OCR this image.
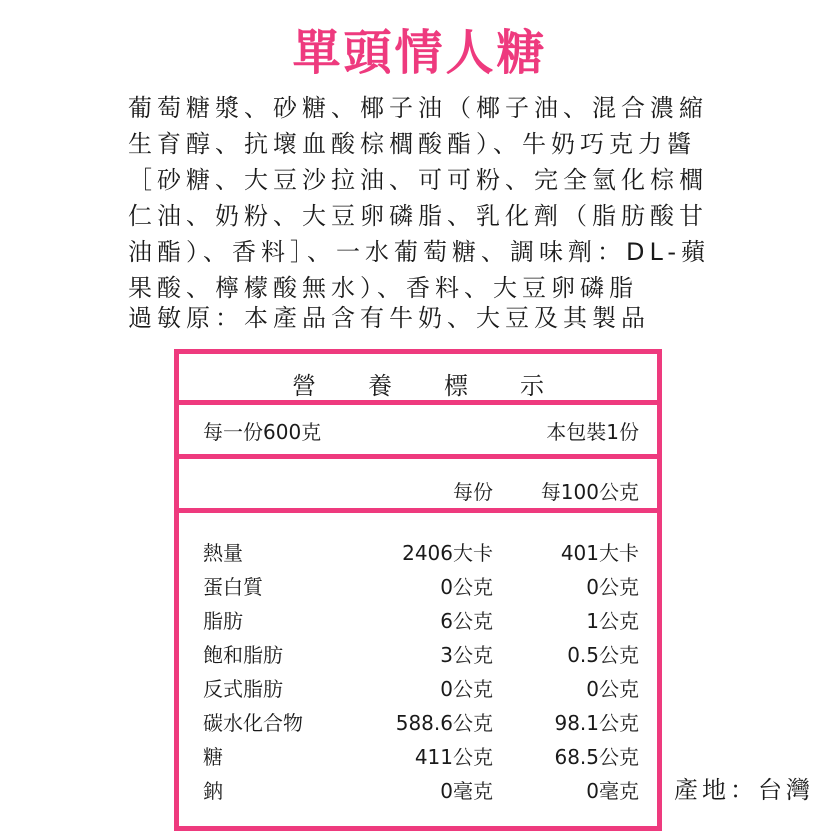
單頭情人糖
葡萄糖漿、砂糖、椰子油（椰子油、混合濃縮生育醇、抗壞血酸棕櫚酸酯）、牛奶巧克力醬［砂糖、大豆沙拉油、可可粉、完全氫化棕櫚仁油、奶粉、大豆卵磷脂、乳化劑（脂肪酸甘油酯）、香料］、一水葡萄糖、調味劑：DL-蘋果酸、檸檬酸無水）、香料、大豆卵磷脂
過敏原：本產品含有牛奶、大豆及其製品
營養標示
每一份600克	本包裝1份
每份 每100公克
熱量	2406大卡	401大卡
蛋白質	0公克	0公克
脂肪	6公克	1公克
飽和脂肪	3公克	0.5公克
反式脂肪	0公克	0公克
碳水化合物	588.6公克	98.1公克
糖	411公克	68.5公克
鈉	0毫克	0毫克 產地：台灣
